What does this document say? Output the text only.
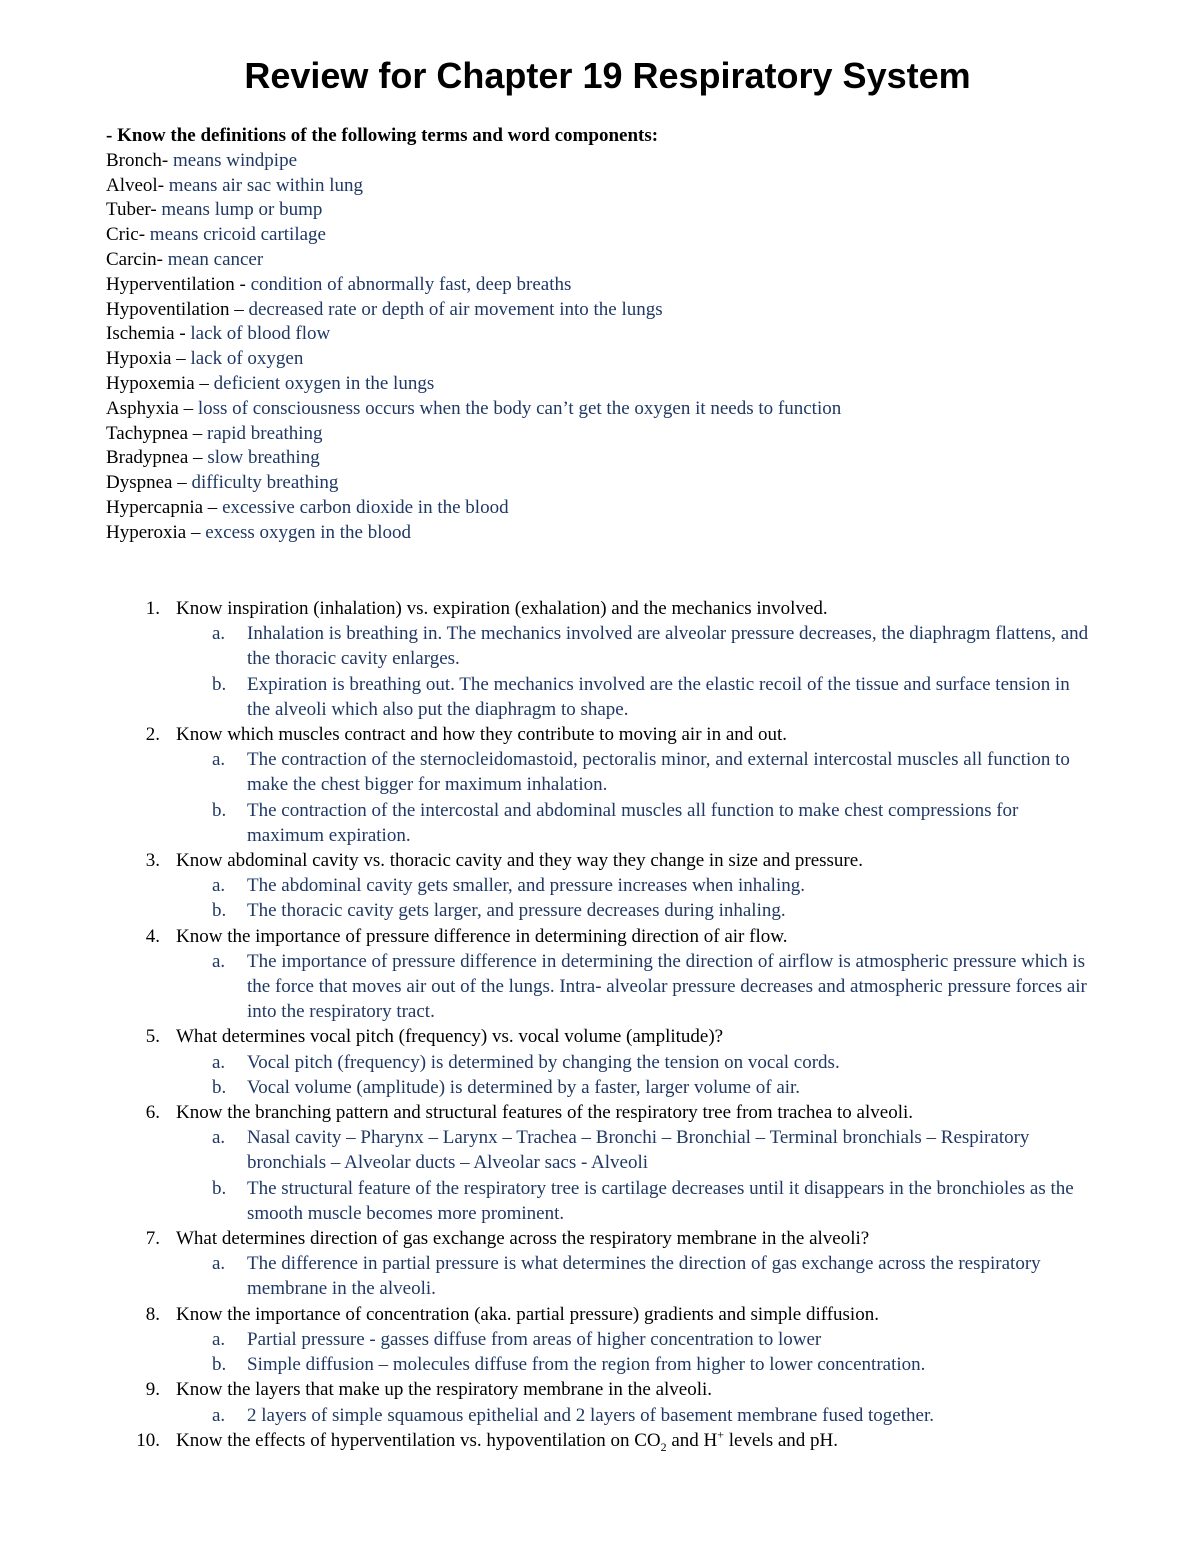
Review for Chapter 19 Respiratory System
- Know the definitions of the following terms and word components:
Bronch- means windpipe
Alveol- means air sac within lung
Tuber- means lump or bump
Cric- means cricoid cartilage
Carcin- mean cancer
Hyperventilation - condition of abnormally fast, deep breaths
Hypoventilation – decreased rate or depth of air movement into the lungs
Ischemia - lack of blood flow
Hypoxia – lack of oxygen
Hypoxemia – deficient oxygen in the lungs
Asphyxia – loss of consciousness occurs when the body can’t get the oxygen it needs to function
Tachypnea – rapid breathing
Bradypnea – slow breathing
Dyspnea – difficulty breathing
Hypercapnia – excessive carbon dioxide in the blood
Hyperoxia – excess oxygen in the blood
1. Know inspiration (inhalation) vs. expiration (exhalation) and the mechanics involved.
a. Inhalation is breathing in. The mechanics involved are alveolar pressure decreases, the diaphragm flattens, and the thoracic cavity enlarges.
b. Expiration is breathing out. The mechanics involved are the elastic recoil of the tissue and surface tension in the alveoli which also put the diaphragm to shape.
2. Know which muscles contract and how they contribute to moving air in and out.
a. The contraction of the sternocleidomastoid, pectoralis minor, and external intercostal muscles all function to make the chest bigger for maximum inhalation.
b. The contraction of the intercostal and abdominal muscles all function to make chest compressions for maximum expiration.
3. Know abdominal cavity vs. thoracic cavity and they way they change in size and pressure.
a. The abdominal cavity gets smaller, and pressure increases when inhaling.
b. The thoracic cavity gets larger, and pressure decreases during inhaling.
4. Know the importance of pressure difference in determining direction of air flow.
a. The importance of pressure difference in determining the direction of airflow is atmospheric pressure which is the force that moves air out of the lungs. Intra- alveolar pressure decreases and atmospheric pressure forces air into the respiratory tract.
5. What determines vocal pitch (frequency) vs. vocal volume (amplitude)?
a. Vocal pitch (frequency) is determined by changing the tension on vocal cords.
b. Vocal volume (amplitude) is determined by a faster, larger volume of air.
6. Know the branching pattern and structural features of the respiratory tree from trachea to alveoli.
a. Nasal cavity – Pharynx – Larynx – Trachea – Bronchi – Bronchial – Terminal bronchials – Respiratory bronchials – Alveolar ducts – Alveolar sacs - Alveoli
b. The structural feature of the respiratory tree is cartilage decreases until it disappears in the bronchioles as the smooth muscle becomes more prominent.
7. What determines direction of gas exchange across the respiratory membrane in the alveoli?
a. The difference in partial pressure is what determines the direction of gas exchange across the respiratory membrane in the alveoli.
8. Know the importance of concentration (aka. partial pressure) gradients and simple diffusion.
a. Partial pressure - gasses diffuse from areas of higher concentration to lower
b. Simple diffusion – molecules diffuse from the region from higher to lower concentration.
9. Know the layers that make up the respiratory membrane in the alveoli.
a. 2 layers of simple squamous epithelial and 2 layers of basement membrane fused together.
10. Know the effects of hyperventilation vs. hypoventilation on $CO_2$ and H+ levels and pH.
